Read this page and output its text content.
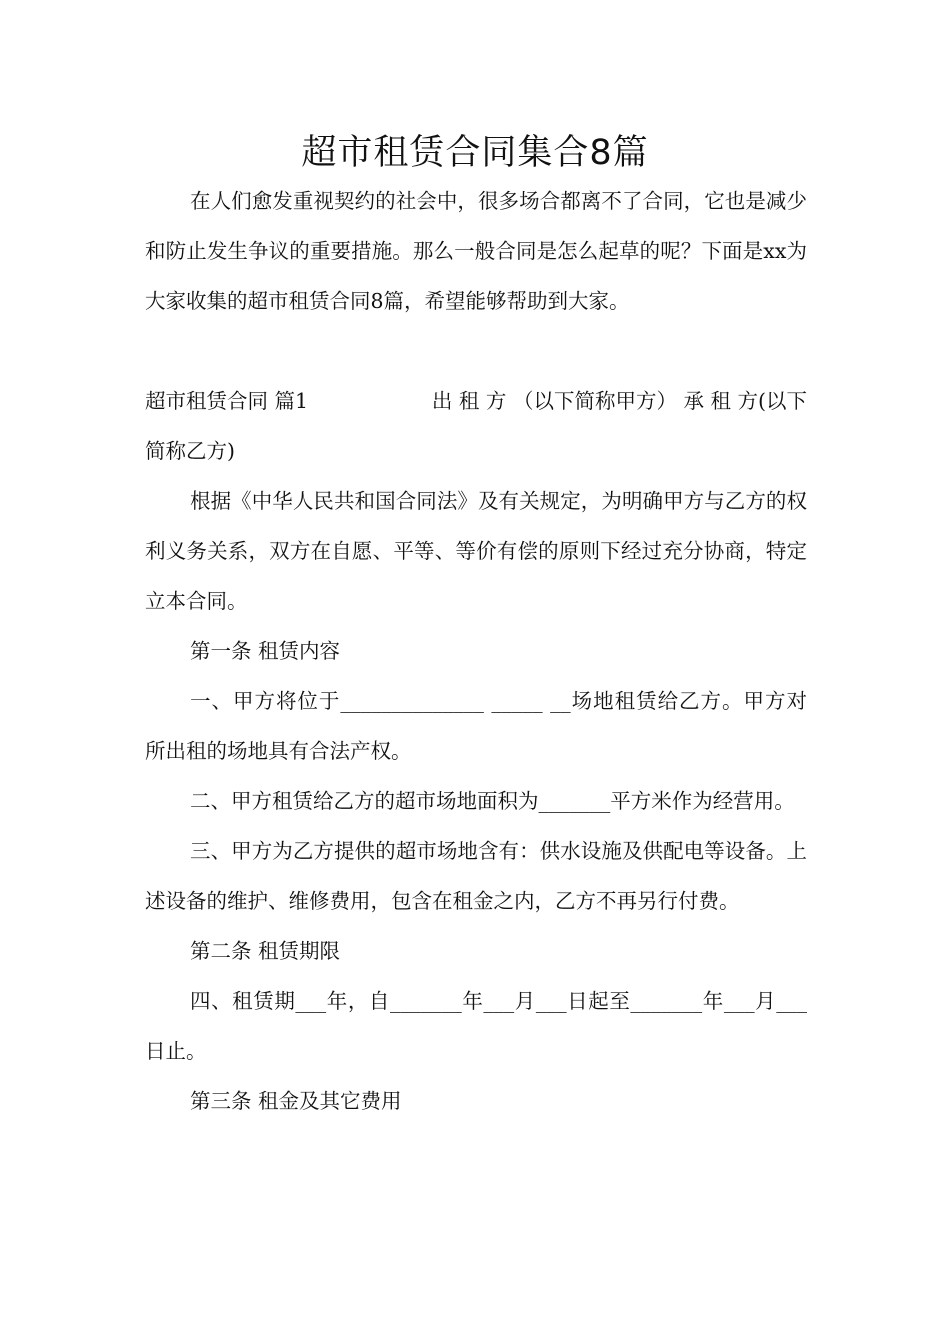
超市租赁合同集合8篇

在人们愈发重视契约的社会中，很多场合都离不了合同，它也是减少和防止发生争议的重要措施。那么一般合同是怎么起草的呢？下面是xx为大家收集的超市租赁合同8篇，希望能够帮助到大家。

超市租赁合同 篇1	出 租 方 （以下简称甲方） 承 租 方(以下

简称乙方)

根据《中华人民共和国合同法》及有关规定，为明确甲方与乙方的权利义务关系，双方在自愿、平等、等价有偿的原则下经过充分协商，特定立本合同。

第一条 租赁内容

一、甲方将位于______________ _____ __场地租赁给乙方。甲方对所出租的场地具有合法产权。

二、甲方租赁给乙方的超市场地面积为_______平方米作为经营用。

三、甲方为乙方提供的超市场地含有：供水设施及供配电等设备。上述设备的维护、维修费用，包含在租金之内，乙方不再另行付费。

第二条 租赁期限

四、租赁期___年，自_______年___月___日起至_______年___月___日止。

第三条 租金及其它费用
